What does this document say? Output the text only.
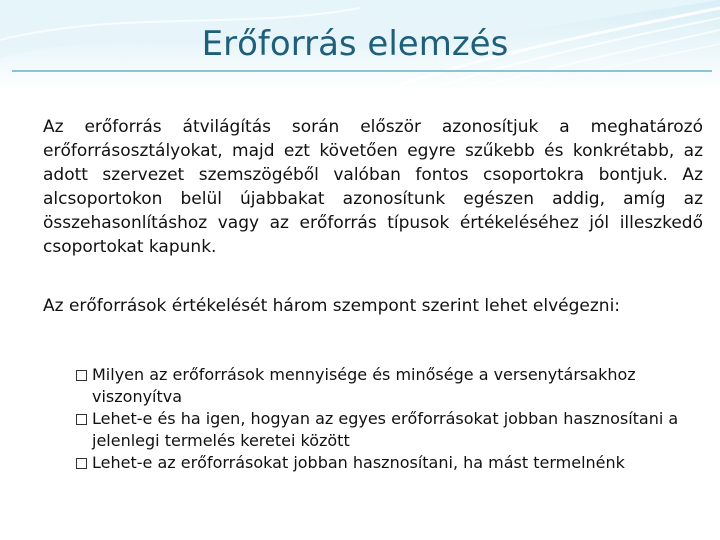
Erőforrás elemzés

Az erőforrás átvilágítás során először azonosítjuk a meghatározó erőforrásosztályokat, majd ezt követően egyre szűkebb és konkrétabb, az adott szervezet szemszögéből valóban fontos csoportokra bontjuk. Az alcsoportokon belül újabbakat azonosítunk egészen addig, amíg az összehasonlításhoz vagy az erőforrás típusok értékeléséhez jól illeszkedő csoportokat kapunk.

Az erőforrások értékelését három szempont szerint lehet elvégezni:

Milyen az erőforrások mennyisége és minősége a versenytársakhoz viszonyítva
Lehet-e és ha igen, hogyan az egyes erőforrásokat jobban hasznosítani a jelenlegi termelés keretei között
Lehet-e az erőforrásokat jobban hasznosítani, ha mást termelnénk
